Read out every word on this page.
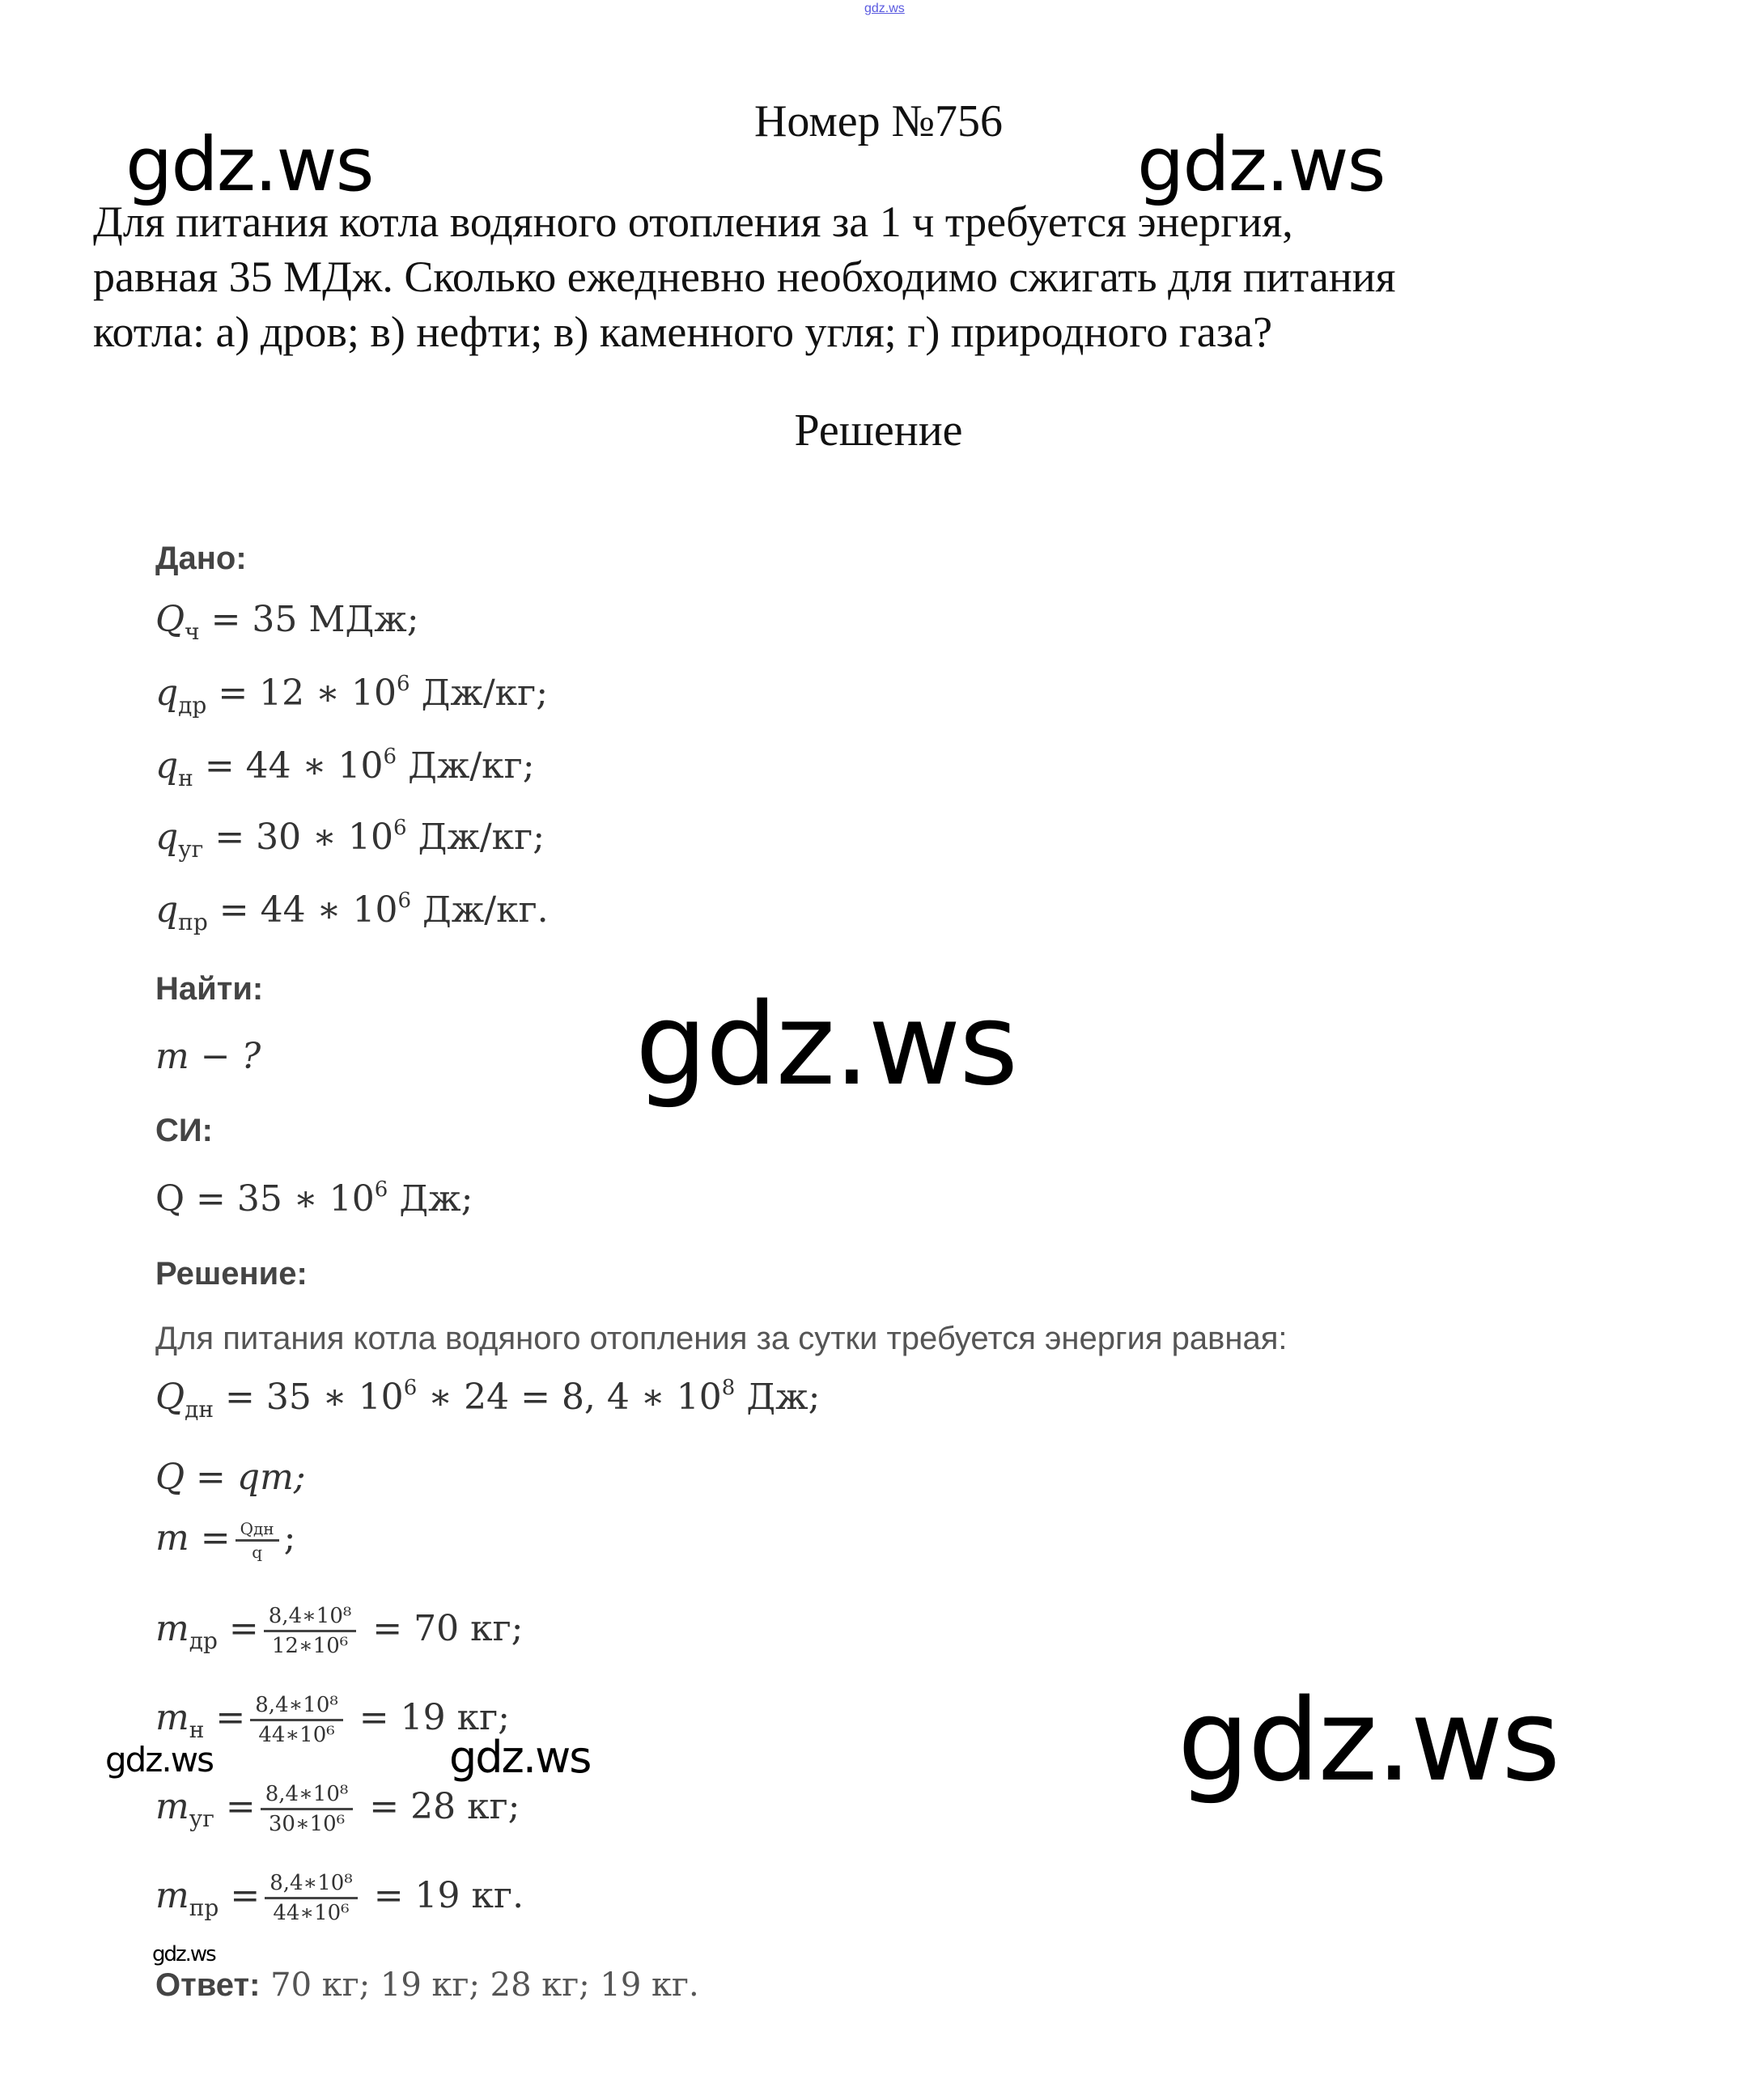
gdz.ws
Номер №756
Для питания котла водяного отопления за 1 ч требуется энергия,
равная 35 МДж. Сколько ежедневно необходимо сжигать для питания
котла: а) дров; в) нефти; в) каменного угля; г) природного газа?
Решение
Дано:
$Q_ч = 35$ МДж;
$q_{др} = 12$ ∗ $10^6$ Дж/кг;
$q_н = 44$ ∗ $10^6$ Дж/кг;
$q_{уг} = 30$ ∗ $10^6$ Дж/кг;
$q_{пр} = 44$ ∗ $10^6$ Дж/кг.
Найти:
m − ?
СИ:
Q = 35 ∗ $10^6$ Дж;
Решение:
Для питания котла водяного отопления за сутки требуется энергия равная:
$Q_{дн} = 35$ ∗ $10^6$ ∗ 24 = 8, 4 ∗ $10^8$ Дж;
Q = qm;
$m = \frac{\text{Qдн}}{q}$ ;
$m_{др} = \frac{\text{8,4∗10⁸}}{\text{12∗10⁶}} = 70$ кг;
$m_н = \frac{\text{8,4∗10⁸}}{\text{44∗10⁶}} = 19$ кг;
$m_{уг} = \frac{\text{8,4∗10⁸}}{\text{30∗10⁶}} = 28$ кг;
$m_{пр} = \frac{\text{8,4∗10⁸}}{\text{44∗10⁶}} = 19$ кг.
Ответ: 70 кг; 19 кг; 28 кг; 19 кг.
gdz.ws	gdz.ws
gdz.ws
gdz.ws
gdz.ws	gdz.ws
gdz.ws
